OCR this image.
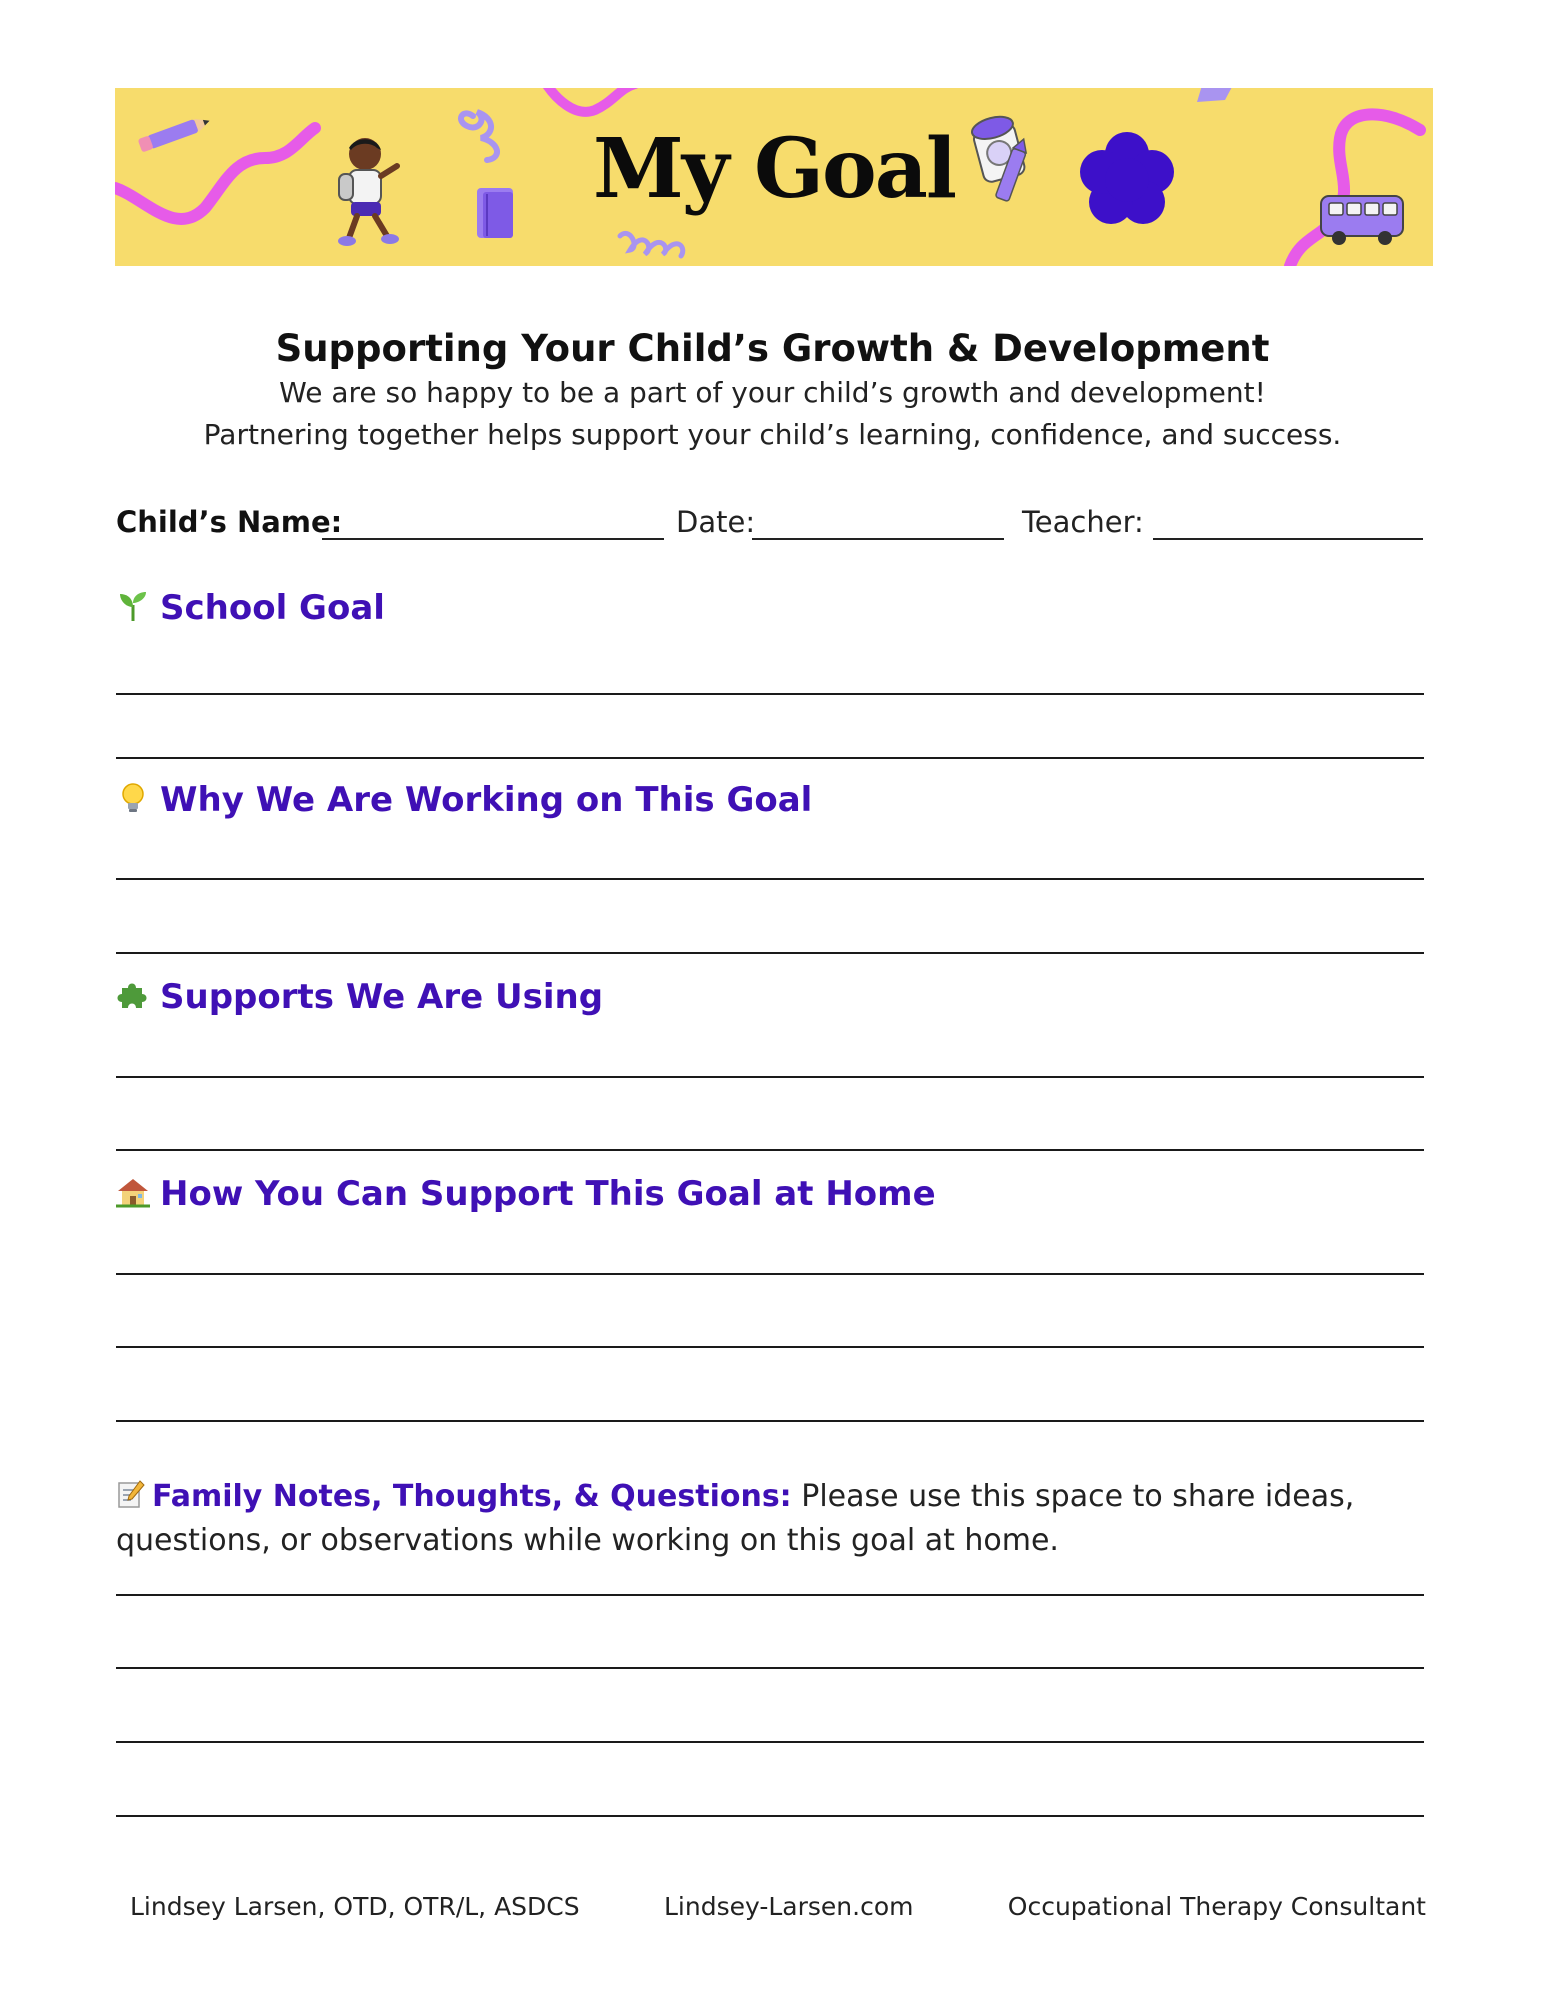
My Goal
Supporting Your Child’s Growth & Development
We are so happy to be a part of your child’s growth and development!
Partnering together helps support your child’s learning, confidence, and success.
Child’s Name:	Date:	Teacher:
School Goal
Why We Are Working on This Goal
Supports We Are Using
How You Can Support This Goal at Home
Family Notes, Thoughts, & Questions: Please use this space to share ideas, questions, or observations while working on this goal at home.
Lindsey Larsen, OTD, OTR/L, ASDCS	Lindsey-Larsen.com	Occupational Therapy Consultant
